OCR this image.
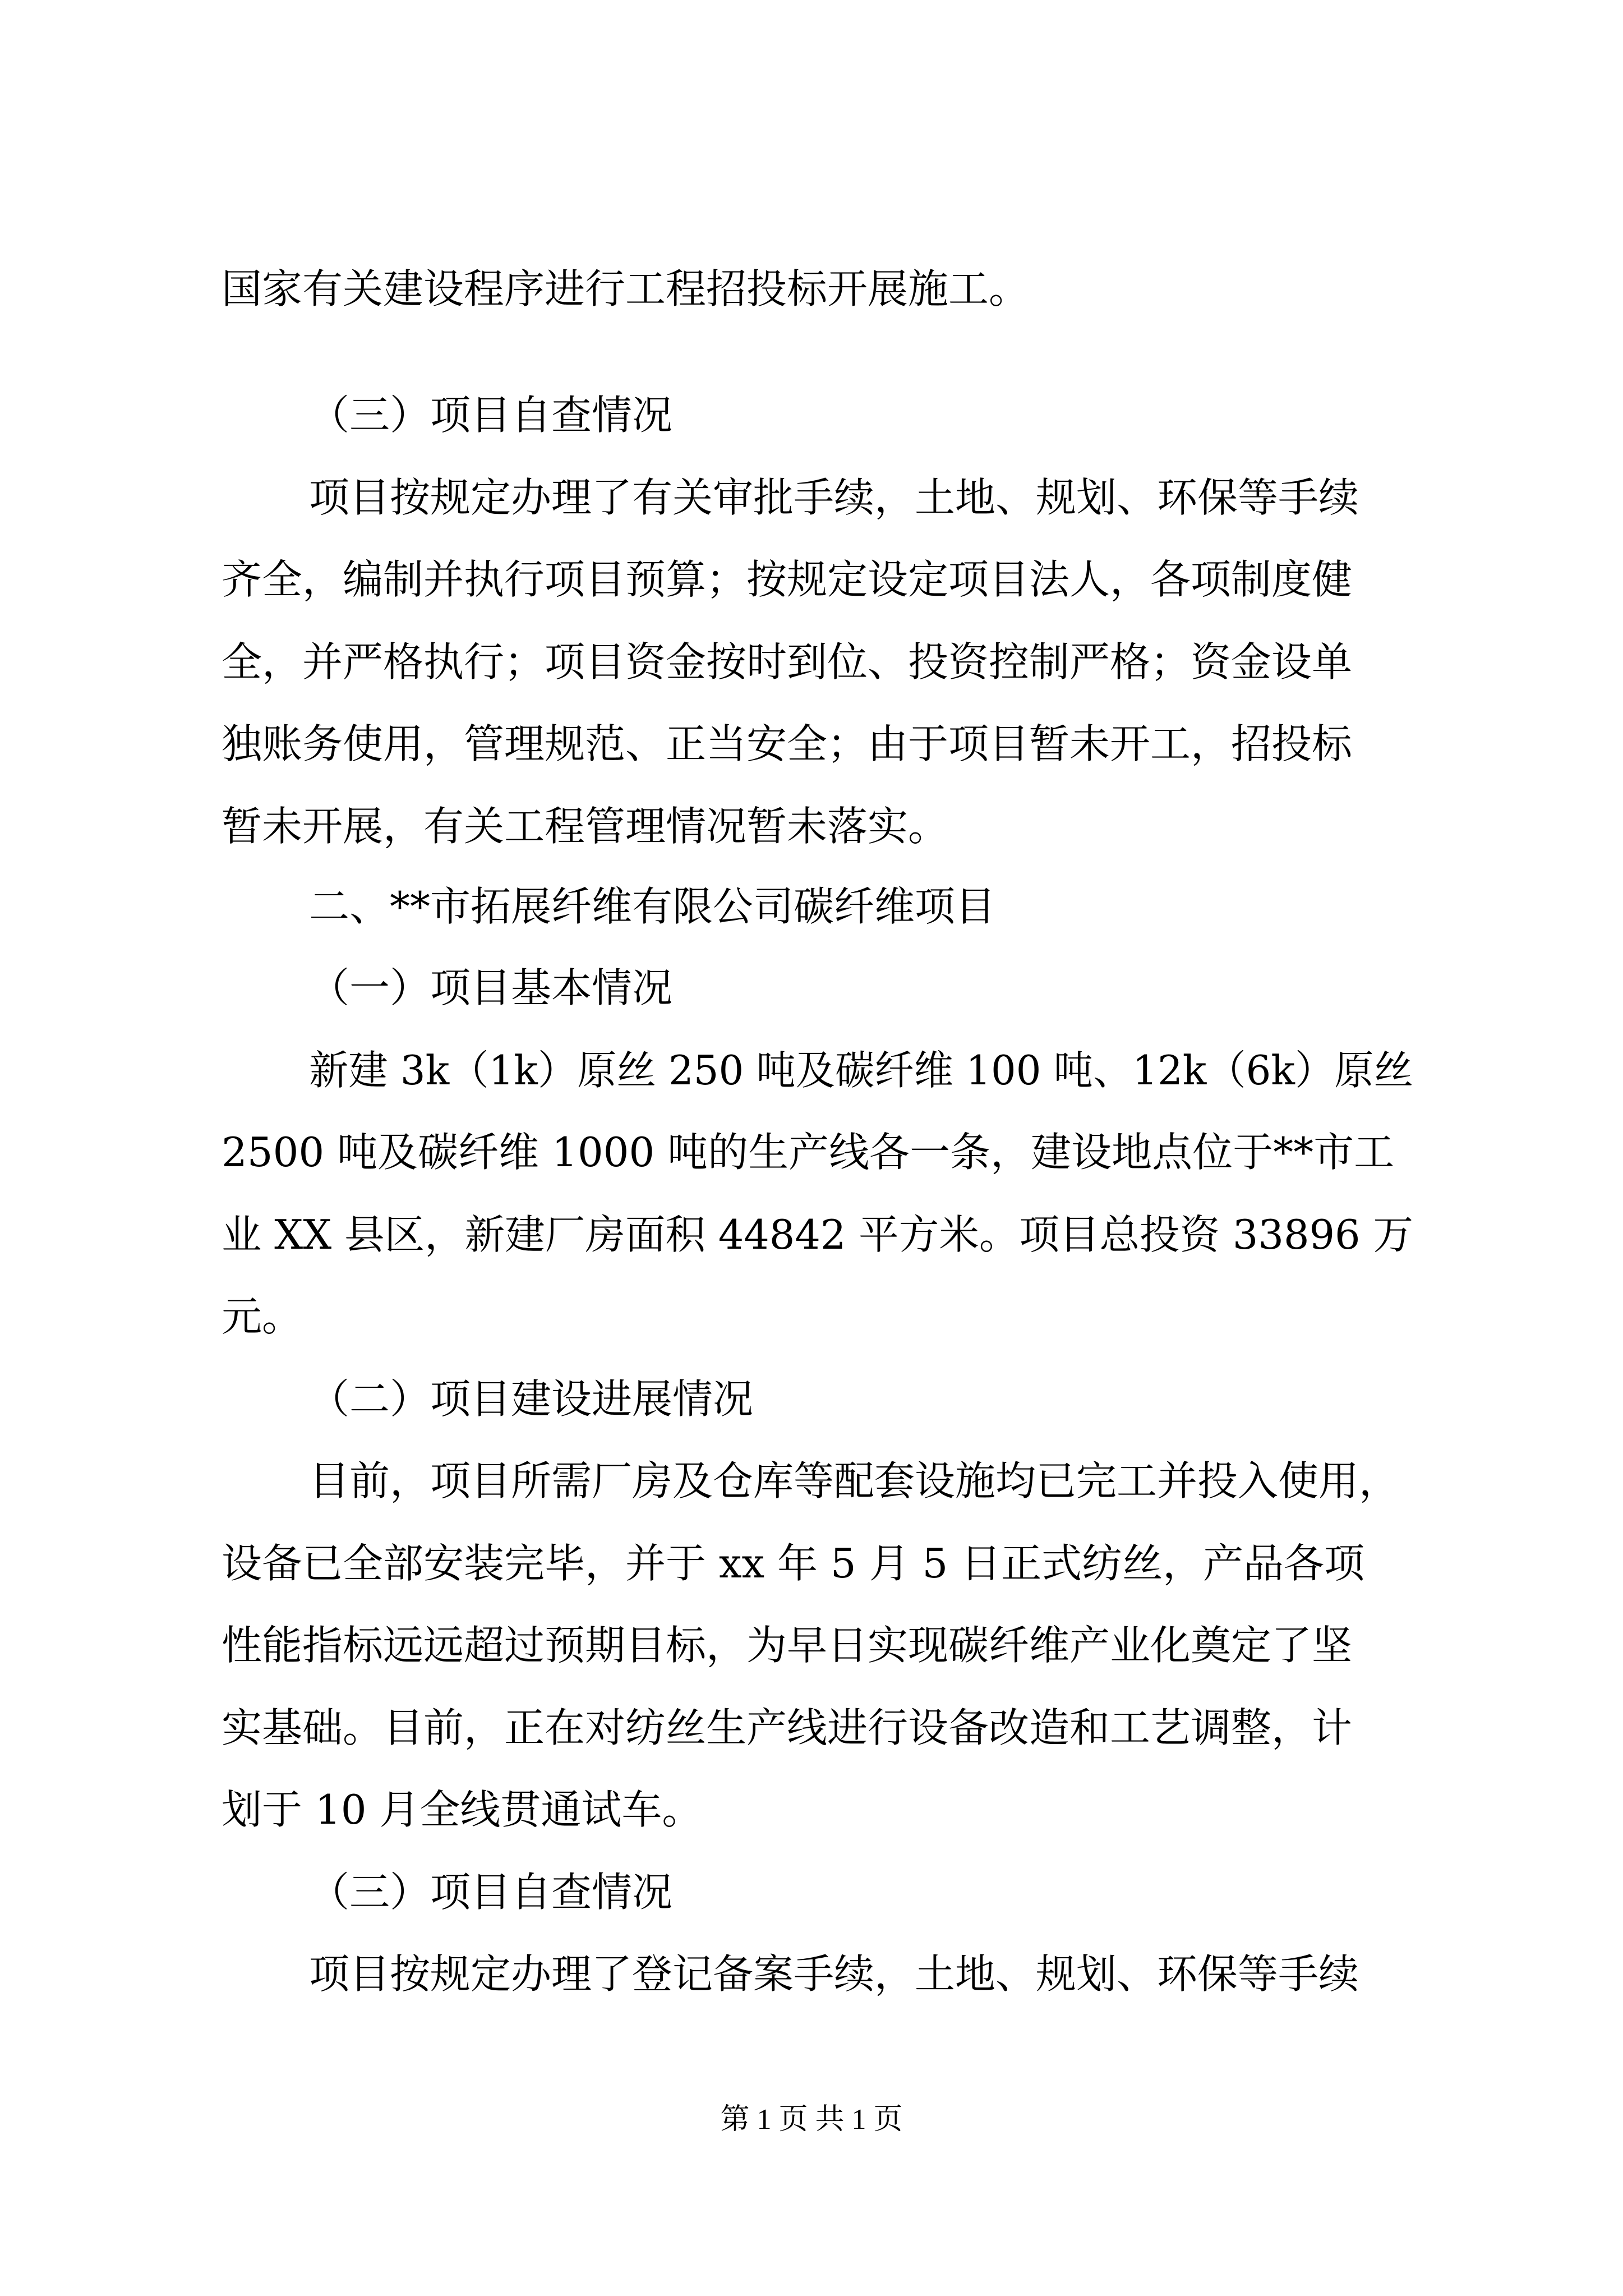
国家有关建设程序进行工程招投标开展施工。
（三）项目自查情况
项目按规定办理了有关审批手续，土地、规划、环保等手续
齐全，编制并执行项目预算；按规定设定项目法人，各项制度健
全，并严格执行；项目资金按时到位、投资控制严格；资金设单
独账务使用，管理规范、正当安全；由于项目暂未开工，招投标
暂未开展，有关工程管理情况暂未落实。
二、**市拓展纤维有限公司碳纤维项目
（一）项目基本情况
新建 3k（1k）原丝 250 吨及碳纤维 100 吨、12k（6k）原丝
2500 吨及碳纤维 1000 吨的生产线各一条，建设地点位于**市工
业 XX 县区，新建厂房面积 44842 平方米。项目总投资 33896 万
元。
（二）项目建设进展情况
目前，项目所需厂房及仓库等配套设施均已完工并投入使用，
设备已全部安装完毕，并于 xx 年 5 月 5 日正式纺丝，产品各项
性能指标远远超过预期目标，为早日实现碳纤维产业化奠定了坚
实基础。目前，正在对纺丝生产线进行设备改造和工艺调整，计
划于 10 月全线贯通试车。
（三）项目自查情况
项目按规定办理了登记备案手续，土地、规划、环保等手续
第 1 页 共 1 页
